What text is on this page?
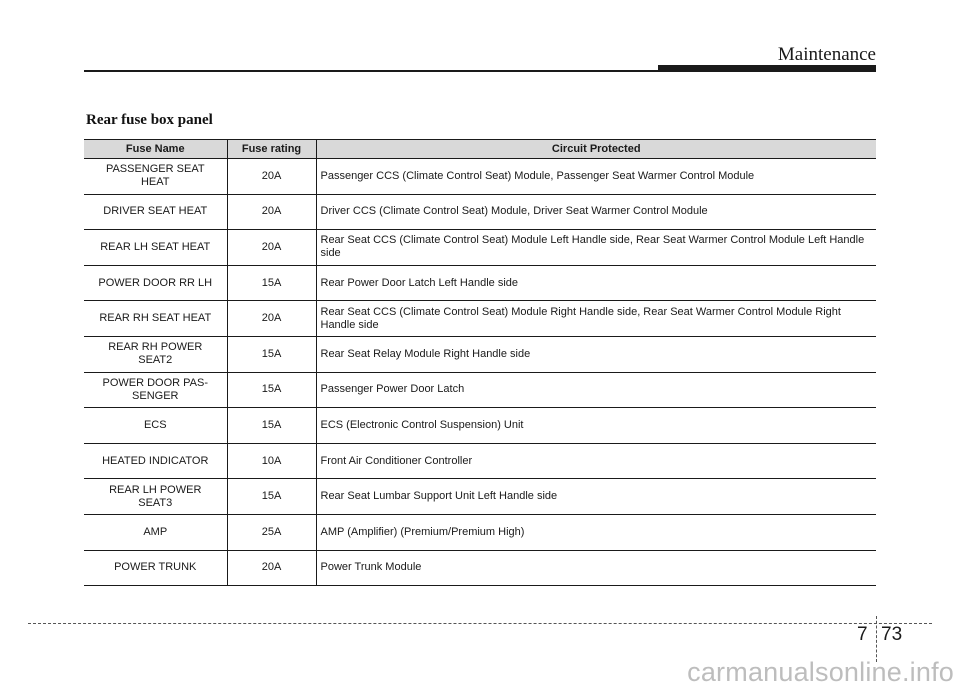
Maintenance
Rear fuse box panel
Fuse Name	Fuse rating	Circuit Protected
PASSENGER SEAT HEAT	20A	Passenger CCS (Climate Control Seat) Module, Passenger Seat Warmer Control Module
DRIVER SEAT HEAT	20A	Driver CCS (Climate Control Seat) Module, Driver Seat Warmer Control Module
REAR LH SEAT HEAT	20A	Rear Seat CCS (Climate Control Seat) Module Left Handle side, Rear Seat Warmer Control Module Left Handle side
POWER DOOR RR LH	15A	Rear Power Door Latch Left Handle side
REAR RH SEAT HEAT	20A	Rear Seat CCS (Climate Control Seat) Module Right Handle side, Rear Seat Warmer Control Module Right Handle side
REAR RH POWER SEAT2	15A	Rear Seat Relay Module Right Handle side
POWER DOOR PAS-SENGER	15A	Passenger Power Door Latch
ECS	15A	ECS (Electronic Control Suspension) Unit
HEATED INDICATOR	10A	Front Air Conditioner Controller
REAR LH POWER SEAT3	15A	Rear Seat Lumbar Support Unit Left Handle side
AMP	25A	AMP (Amplifier) (Premium/Premium High)
POWER TRUNK	20A	Power Trunk Module
7 73
carmanualsonline.info
